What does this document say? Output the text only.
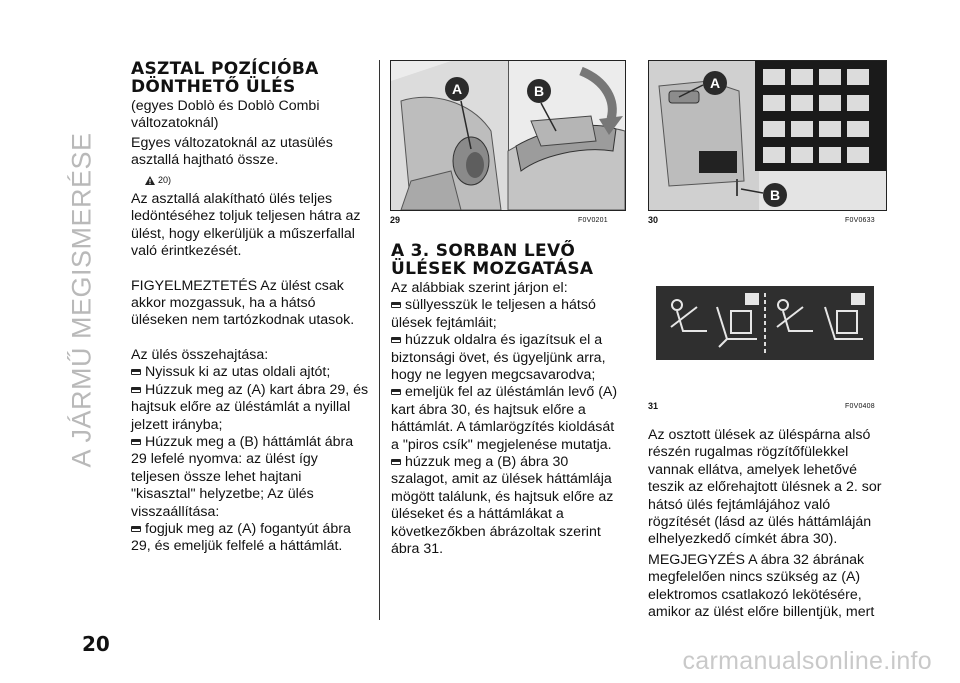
A JÁRMŰ MEGISMERÉSE
ASZTAL POZÍCIÓBA
DÖNTHETŐ ÜLÉS

(egyes Doblò és Doblò Combi változatoknál)

Egyes változatoknál az utasülés asztallá hajtható össze.

20)

Az asztallá alakítható ülés teljes ledöntéséhez toljuk teljesen hátra az ülést, hogy elkerüljük a műszerfallal való érintkezését.

FIGYELMEZTETÉS Az ülést csak akkor mozgassuk, ha a hátsó üléseken nem tartózkodnak utasok.

Az ülés összehajtása:

Nyissuk ki az utas oldali ajtót;

Húzzuk meg az (A) kart ábra 29, és hajtsuk előre az üléstámlát a nyillal jelzett irányba;

Húzzuk meg a (B) háttámlát ábra 29 lefelé nyomva: az ülést így teljesen össze lehet hajtani "kisasztal" helyzetbe; Az ülés visszaállítása:

fogjuk meg az (A) fogantyút ábra 29, és emeljük felfelé a háttámlát.

A	B
29	F0V0201
A 3. SORBAN LEVŐ
ÜLÉSEK MOZGATÁSA

Az alábbiak szerint járjon el:

süllyesszük le teljesen a hátsó ülések fejtámláit;

húzzuk oldalra és igazítsuk el a biztonsági övet, és ügyeljünk arra, hogy ne legyen megcsavarodva;

emeljük fel az üléstámlán levő (A) kart ábra 30, és hajtsuk előre a háttámlát. A támlarögzítés kioldását a "piros csík" megjelenése mutatja.

húzzuk meg a (B) ábra 30 szalagot, amit az ülések háttámlája mögött találunk, és hajtsuk előre az üléseket és a háttámlákat a következőkben ábrázoltak szerint ábra 31.

A
B
30	F0V0633
31	F0V0408

Az osztott ülések az üléspárna alsó részén rugalmas rögzítőfülekkel vannak ellátva, amelyek lehetővé teszik az előrehajtott ülésnek a 2. sor hátsó ülés fejtámlájához való rögzítését (lásd az ülés háttámláján elhelyezkedő címkét ábra 30).

MEGJEGYZÉS A ábra 32 ábrának megfelelően nincs szükség az (A) elektromos csatlakozó lekötésére, amikor az ülést előre billentjük, mert

20
carmanualsonline.info
